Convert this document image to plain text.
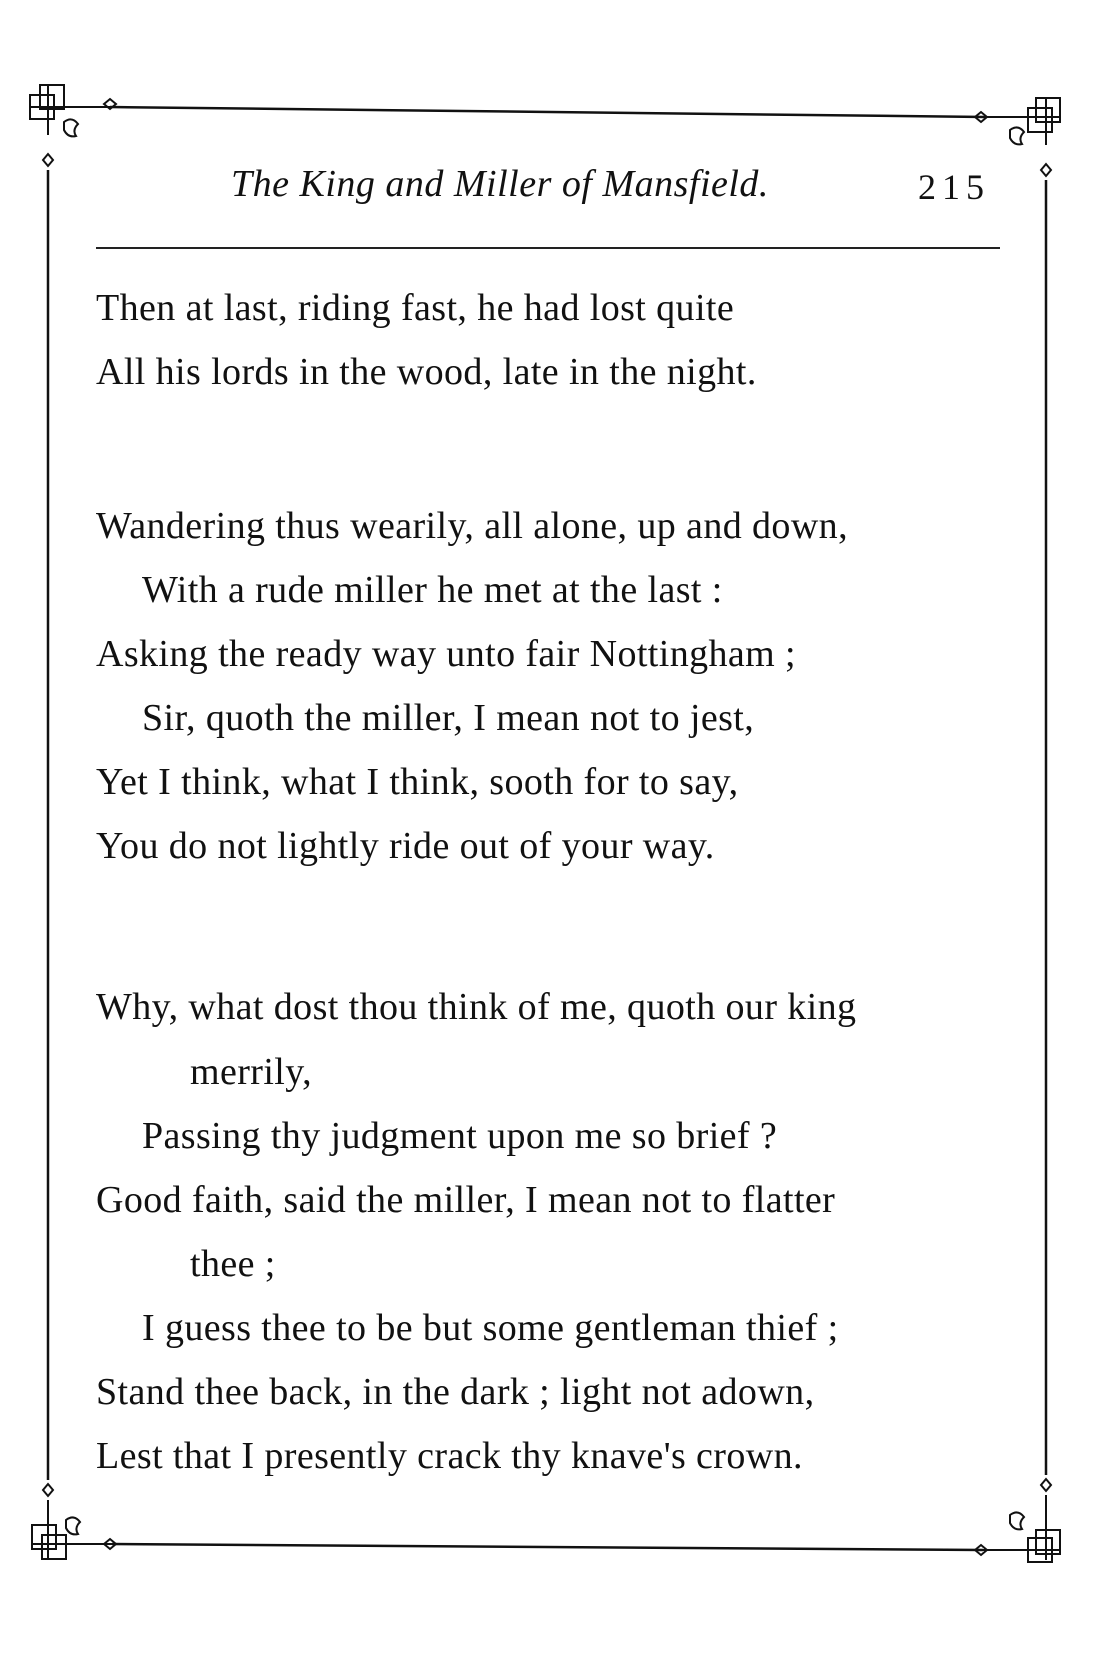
The King and Miller of Mansfield.	215
Then at last, riding fast, he had lost quite
All his lords in the wood, late in the night.
Wandering thus wearily, all alone, up and down,
With a rude miller he met at the last :
Asking the ready way unto fair Nottingham ;
Sir, quoth the miller, I mean not to jest,
Yet I think, what I think, sooth for to say,
You do not lightly ride out of your way.
Why, what dost thou think of me, quoth our king
merrily,
Passing thy judgment upon me so brief ?
Good faith, said the miller, I mean not to flatter
thee ;
I guess thee to be but some gentleman thief ;
Stand thee back, in the dark ; light not adown,
Lest that I presently crack thy knave's crown.
